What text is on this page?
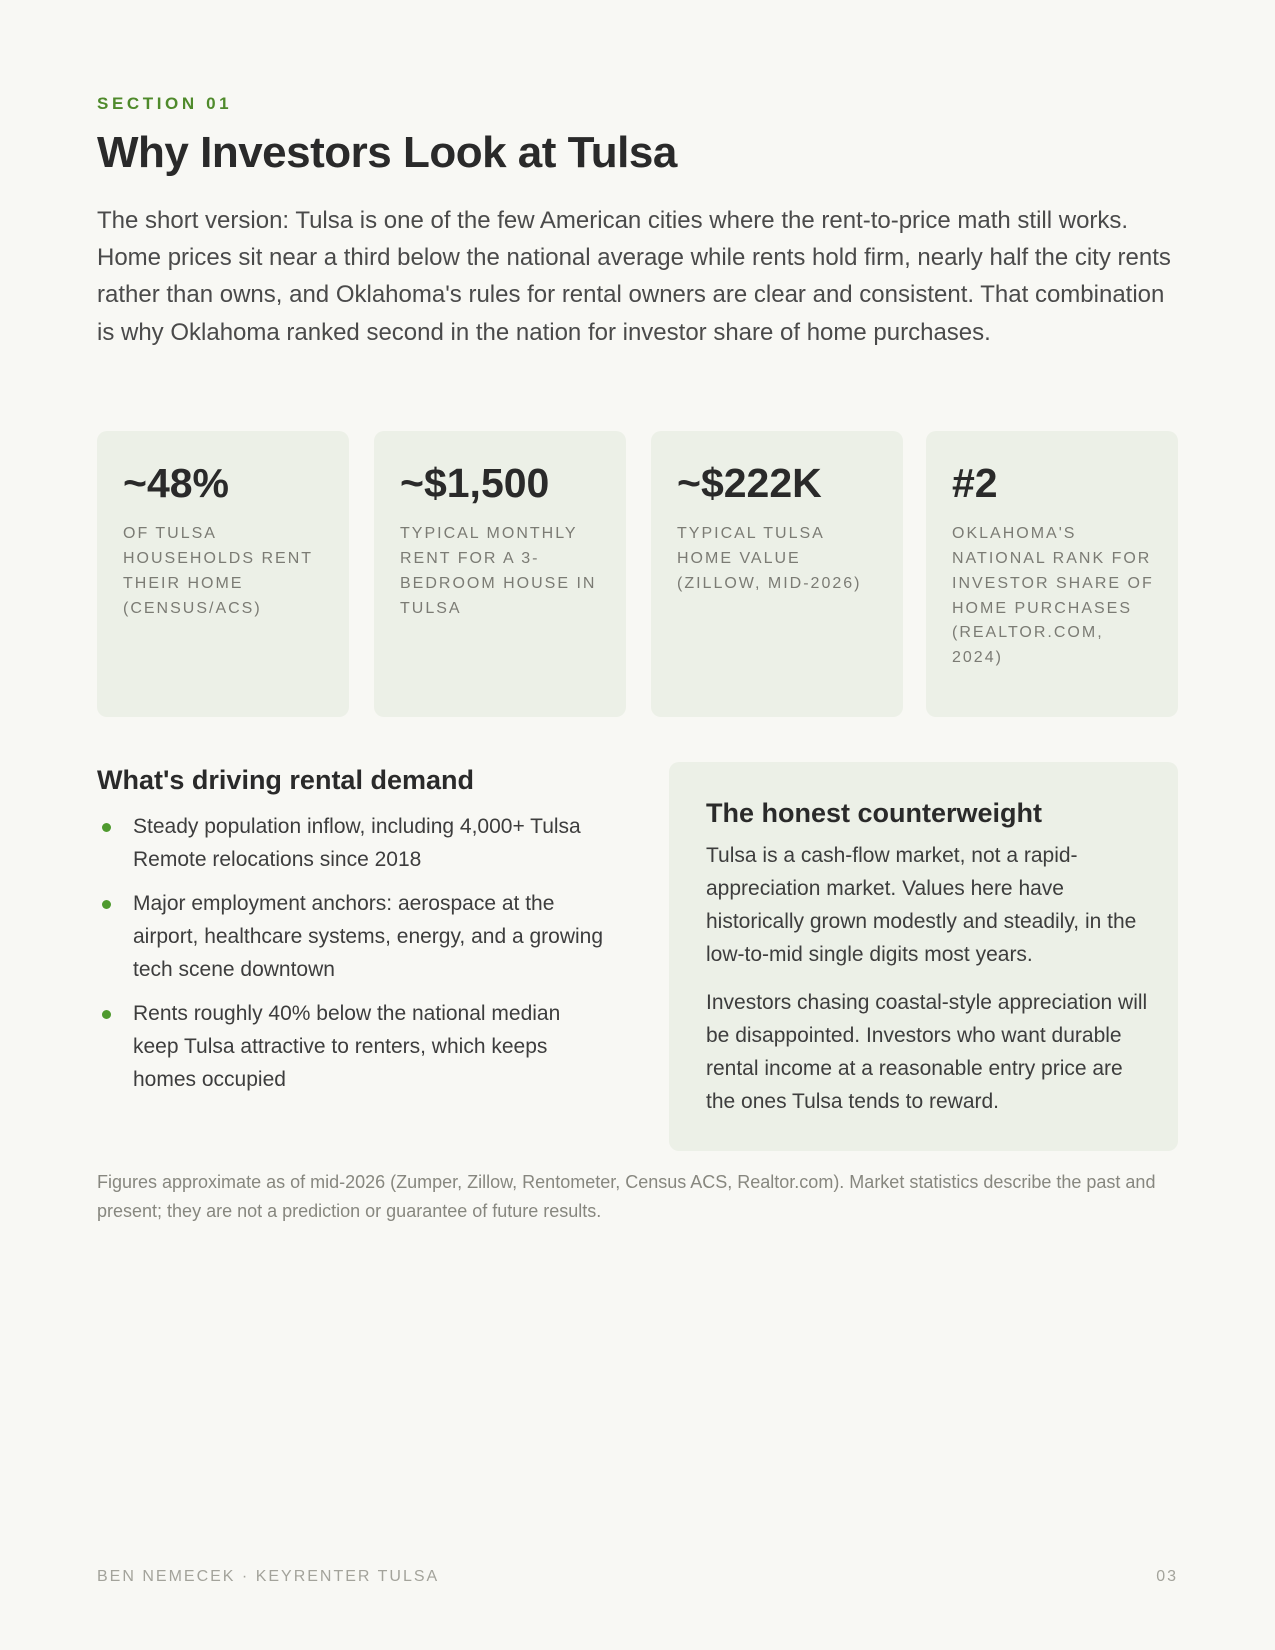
SECTION 01
Why Investors Look at Tulsa

The short version: Tulsa is one of the few American cities where the rent-to-price math still works. Home prices sit near a third below the national average while rents hold firm, nearly half the city rents rather than owns, and Oklahoma's rules for rental owners are clear and consistent. That combination is why Oklahoma ranked second in the nation for investor share of home purchases.

~48%
OF TULSA HOUSEHOLDS RENT THEIR HOME (CENSUS/ACS)
~$1,500
TYPICAL MONTHLY RENT FOR A 3-BEDROOM HOUSE IN TULSA
~$222K
TYPICAL TULSA HOME VALUE (ZILLOW, MID-2026)
#2
OKLAHOMA'S NATIONAL RANK FOR INVESTOR SHARE OF HOME PURCHASES (REALTOR.COM, 2024)
What's driving rental demand
Steady population inflow, including 4,000+ Tulsa Remote relocations since 2018
Major employment anchors: aerospace at the airport, healthcare systems, energy, and a growing tech scene downtown
Rents roughly 40% below the national median keep Tulsa attractive to renters, which keeps homes occupied
The honest counterweight

Tulsa is a cash-flow market, not a rapid-appreciation market. Values here have historically grown modestly and steadily, in the low-to-mid single digits most years.

Investors chasing coastal-style appreciation will be disappointed. Investors who want durable rental income at a reasonable entry price are the ones Tulsa tends to reward.

Figures approximate as of mid-2026 (Zumper, Zillow, Rentometer, Census ACS, Realtor.com). Market statistics describe the past and present; they are not a prediction or guarantee of future results.

BEN NEMECEK · KEYRENTER TULSA	03
